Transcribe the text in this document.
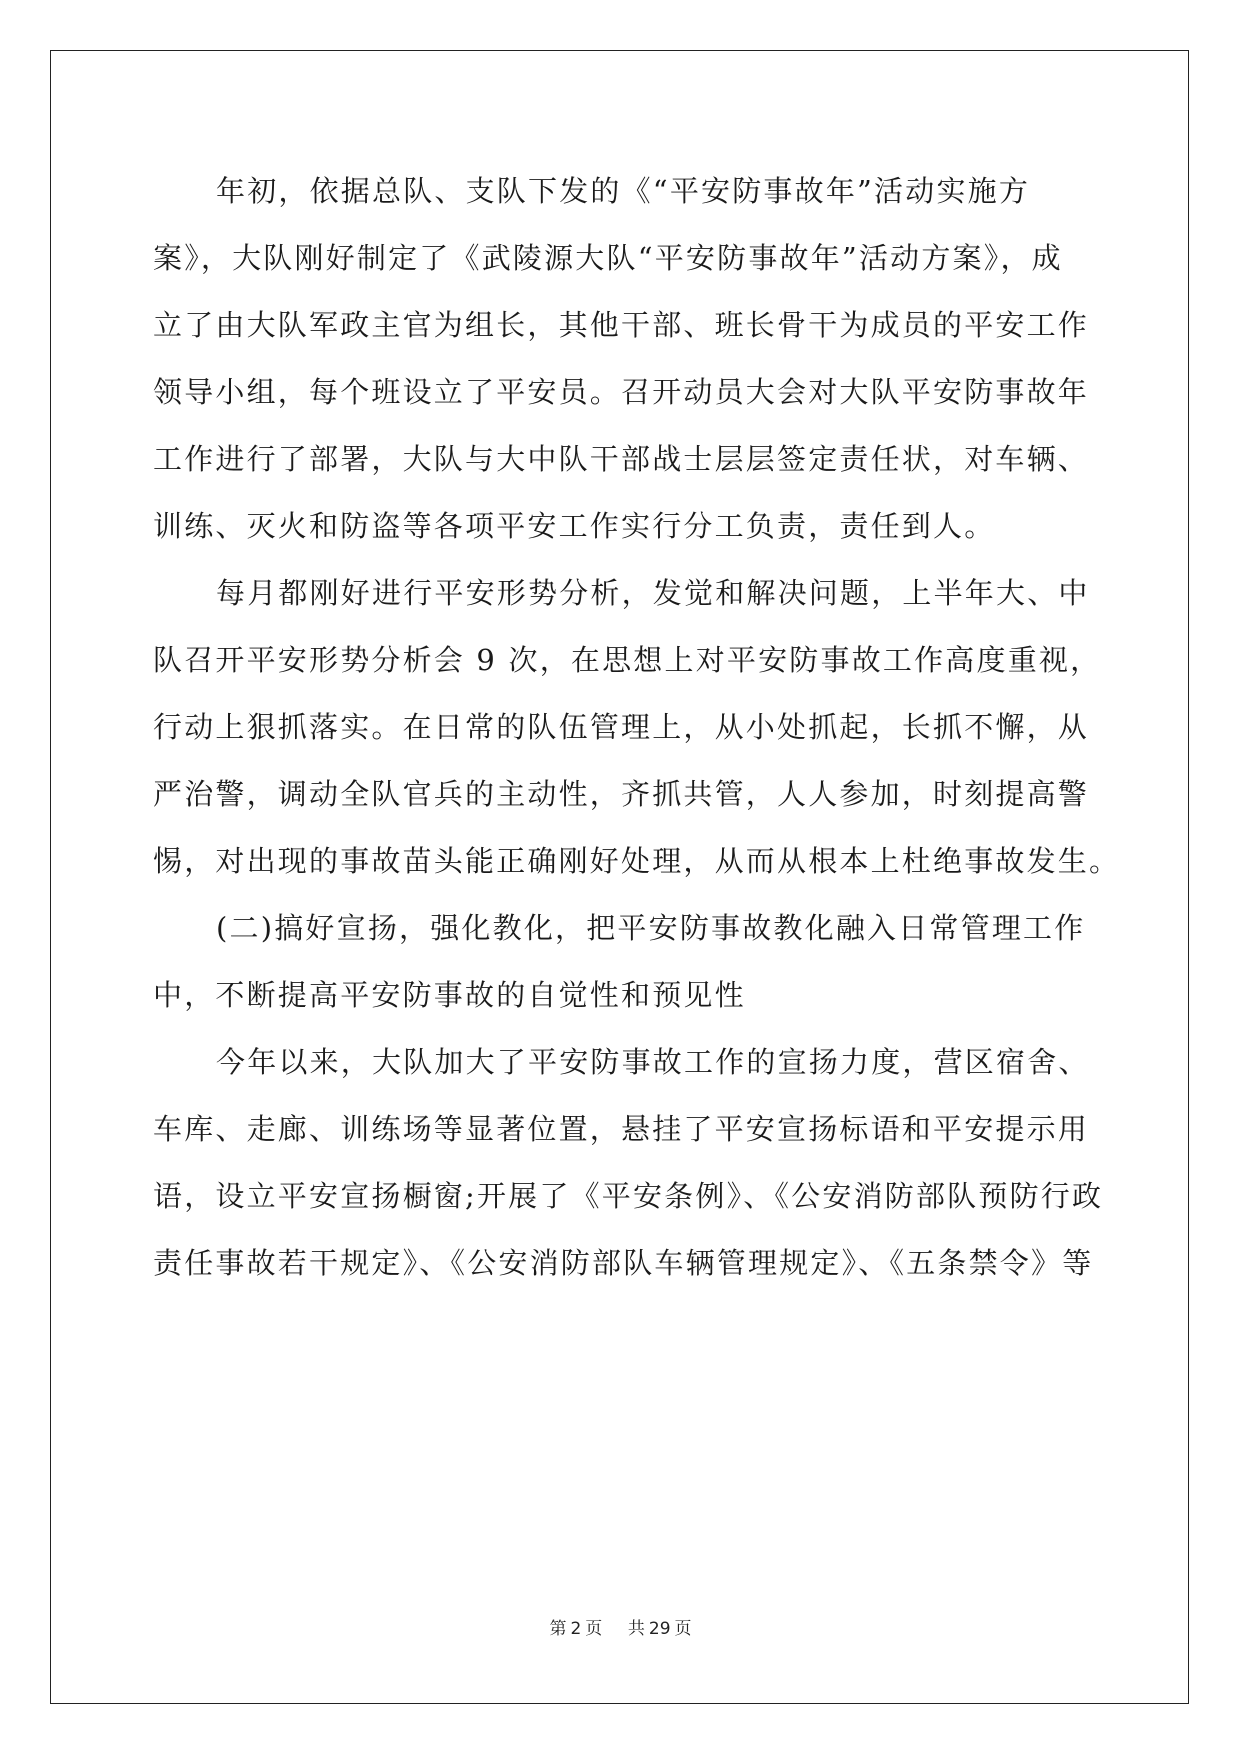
年初，依据总队、支队下发的《“平安防事故年”活动实施方
案》，大队刚好制定了《武陵源大队“平安防事故年”活动方案》，成
立了由大队军政主官为组长，其他干部、班长骨干为成员的平安工作
领导小组，每个班设立了平安员。召开动员大会对大队平安防事故年
工作进行了部署，大队与大中队干部战士层层签定责任状，对车辆、
训练、灭火和防盗等各项平安工作实行分工负责，责任到人。
每月都刚好进行平安形势分析，发觉和解决问题，上半年大、中
队召开平安形势分析会 9 次，在思想上对平安防事故工作高度重视，
行动上狠抓落实。在日常的队伍管理上，从小处抓起，长抓不懈，从
严治警，调动全队官兵的主动性，齐抓共管，人人参加，时刻提高警
惕，对出现的事故苗头能正确刚好处理，从而从根本上杜绝事故发生。
(二)搞好宣扬，强化教化，把平安防事故教化融入日常管理工作
中，不断提高平安防事故的自觉性和预见性
今年以来，大队加大了平安防事故工作的宣扬力度，营区宿舍、
车库、走廊、训练场等显著位置，悬挂了平安宣扬标语和平安提示用
语，设立平安宣扬橱窗;开展了《平安条例》、《公安消防部队预防行政
责任事故若干规定》、《公安消防部队车辆管理规定》、《五条禁令》等
第 2 页 共 29 页
